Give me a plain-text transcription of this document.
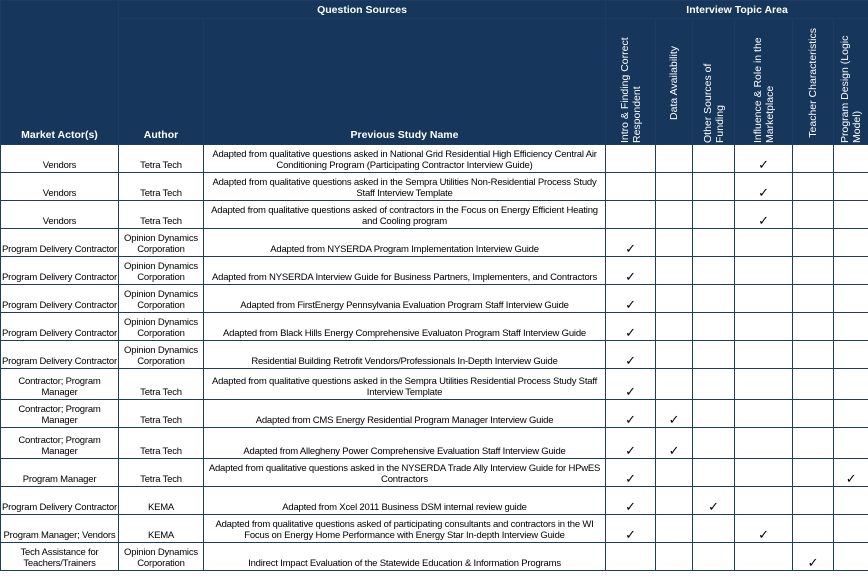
Market Actor(s)	Question Sources		Interview Topic Area					
	Author	Previous Study Name	Intro & Finding Correct Respondent	Data Availability	Other Sources of Funding	Influence & Role in the Marketplace	Teacher Characteristics	Program Design (Logic Model)

Vendors	Tetra Tech	Adapted from qualitative questions asked in National Grid Residential High Efficiency Central Air Conditioning Program (Participating Contractor Interview Guide)				✓		
Vendors	Tetra Tech	Adapted from qualitative questions asked in the Sempra Utilities Non-Residential Process Study Staff Interview Template				✓		
Vendors	Tetra Tech	Adapted from qualitative questions asked of contractors in the Focus on Energy Efficient Heating and Cooling program				✓		
Program Delivery Contractor	Opinion Dynamics Corporation	Adapted from NYSERDA Program Implementation Interview Guide	✓					
Program Delivery Contractor	Opinion Dynamics Corporation	Adapted from NYSERDA Interview Guide for Business Partners, Implementers, and Contractors	✓					
Program Delivery Contractor	Opinion Dynamics Corporation	Adapted from FirstEnergy Pennsylvania Evaluation Program Staff Interview Guide	✓					
Program Delivery Contractor	Opinion Dynamics Corporation	Adapted from Black Hills Energy Comprehensive Evaluaton Program Staff Interview Guide	✓					
Program Delivery Contractor	Opinion Dynamics Corporation	Residential Building Retrofit Vendors/Professionals In-Depth Interview Guide	✓					
Contractor; Program Manager	Tetra Tech	Adapted from qualitative questions asked in the Sempra Utilities Residential Process Study Staff Interview Template	✓					
Contractor; Program Manager	Tetra Tech	Adapted from CMS Energy Residential Program Manager Interview Guide	✓	✓				
Contractor; Program Manager	Tetra Tech	Adapted from Allegheny Power Comprehensive Evaluation Staff Interview Guide	✓	✓				
Program Manager	Tetra Tech	Adapted from qualitative questions asked in the NYSERDA Trade Ally Interview Guide for HPwES Contractors	✓					✓
Program Delivery Contractor	KEMA	Adapted from Xcel 2011 Business DSM internal review guide	✓		✓			
Program Manager; Vendors	KEMA	Adapted from qualitative questions asked of participating consultants and contractors in the WI Focus on Energy Home Performance with Energy Star In-depth Interview Guide	✓			✓		
Tech Assistance for Teachers/Trainers	Opinion Dynamics Corporation	Indirect Impact Evaluation of the Statewide Education & Information Programs					✓	
